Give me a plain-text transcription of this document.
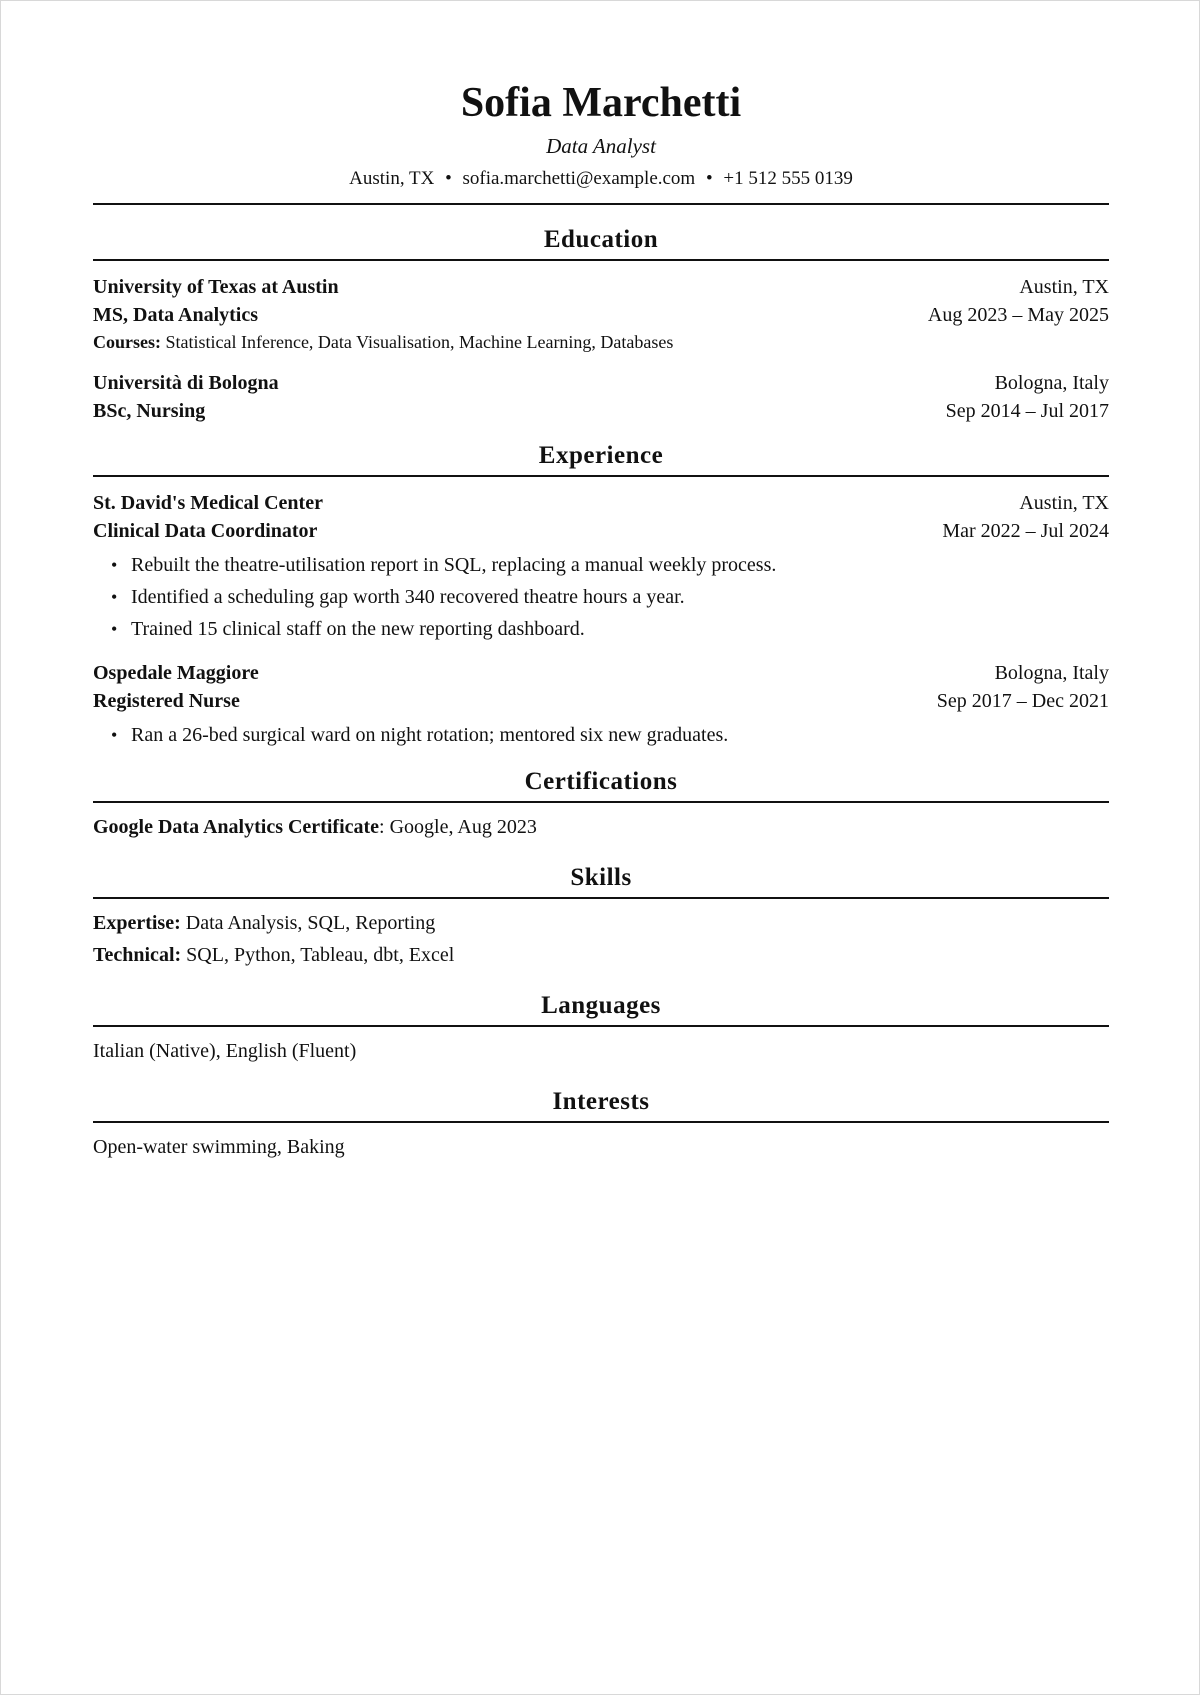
Sofia Marchetti
Data Analyst
Austin, TX • sofia.marchetti@example.com • +1 512 555 0139
Education
University of Texas at Austin	Austin, TX
MS, Data Analytics	Aug 2023 – May 2025
Courses: Statistical Inference, Data Visualisation, Machine Learning, Databases
Università di Bologna	Bologna, Italy
BSc, Nursing	Sep 2014 – Jul 2017
Experience
St. David's Medical Center	Austin, TX
Clinical Data Coordinator	Mar 2022 – Jul 2024
• Rebuilt the theatre-utilisation report in SQL, replacing a manual weekly process.
• Identified a scheduling gap worth 340 recovered theatre hours a year.
• Trained 15 clinical staff on the new reporting dashboard.
Ospedale Maggiore	Bologna, Italy
Registered Nurse	Sep 2017 – Dec 2021
• Ran a 26-bed surgical ward on night rotation; mentored six new graduates.
Certifications
Google Data Analytics Certificate: Google, Aug 2023
Skills
Expertise: Data Analysis, SQL, Reporting
Technical: SQL, Python, Tableau, dbt, Excel
Languages
Italian (Native), English (Fluent)
Interests
Open-water swimming, Baking
